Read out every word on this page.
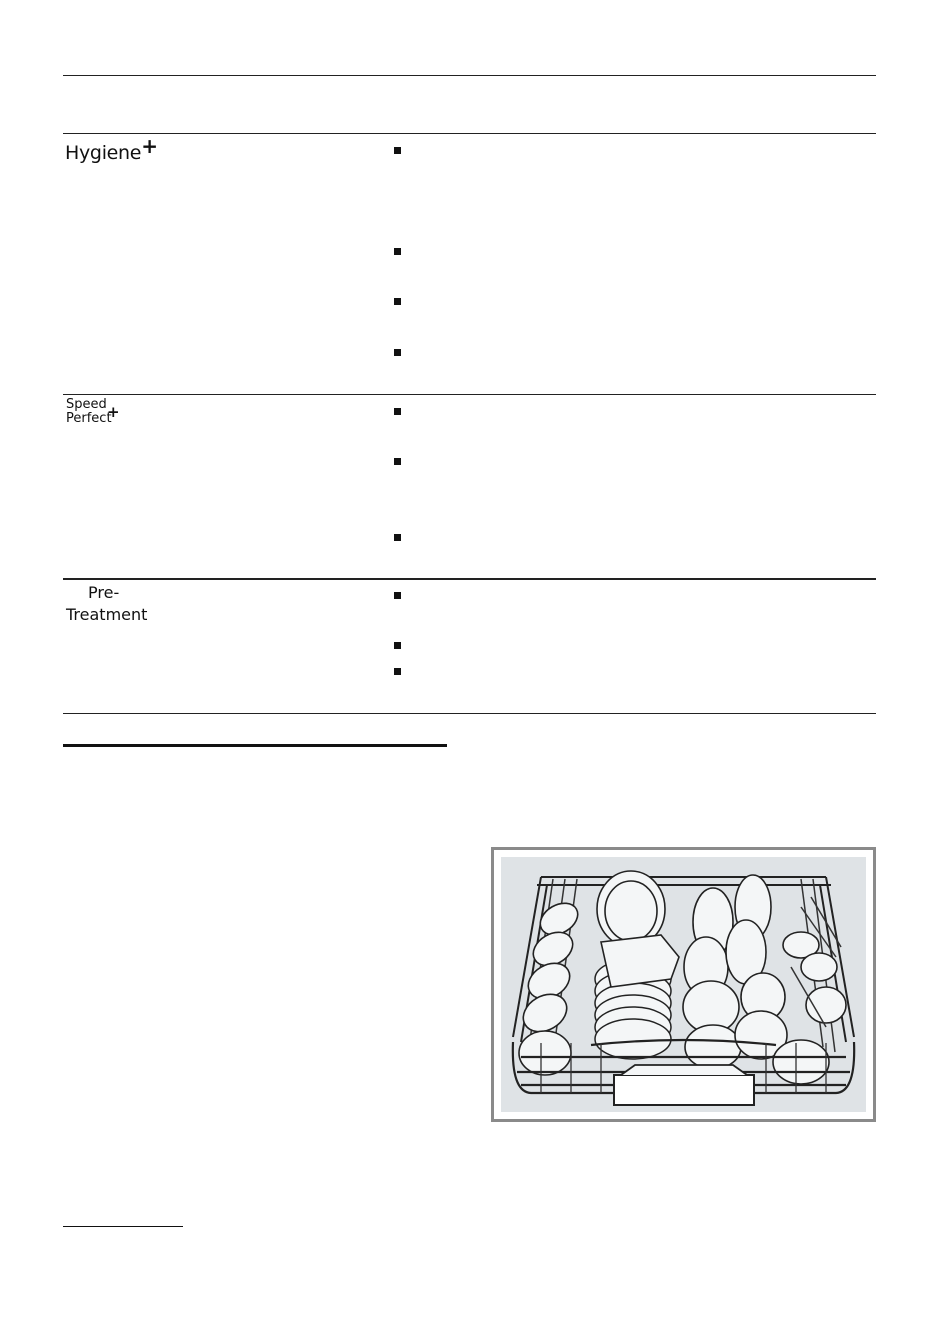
Hygiene+
Speed
Perfect
+
Pre-
Treatment
